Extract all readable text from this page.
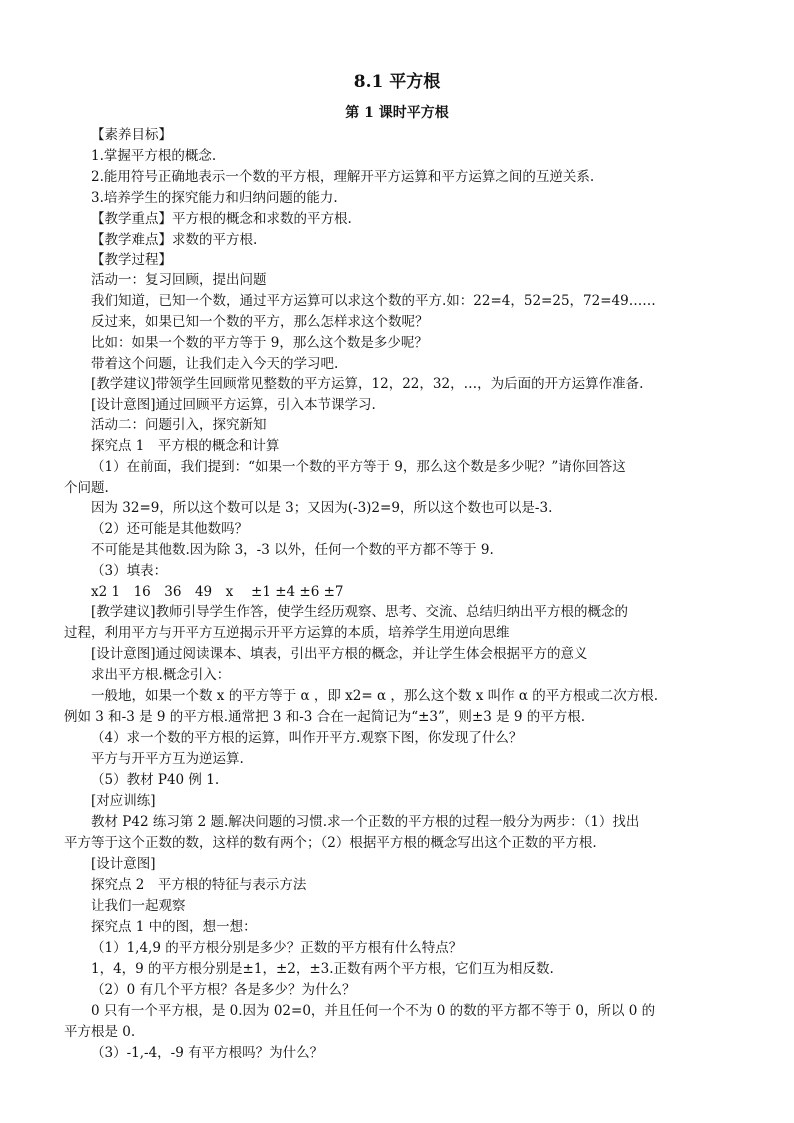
8.1 平方根
第 1 课时平方根
【素养目标】
1.掌握平方根的概念.
2.能用符号正确地表示一个数的平方根，理解开平方运算和平方运算之间的互逆关系.
3.培养学生的探究能力和归纳问题的能力.
【教学重点】平方根的概念和求数的平方根.
【教学难点】求数的平方根.
【教学过程】
活动一：复习回顾，提出问题
我们知道，已知一个数，通过平方运算可以求这个数的平方.如：22=4，52=25，72=49……
反过来，如果已知一个数的平方，那么怎样求这个数呢？
比如：如果一个数的平方等于 9，那么这个数是多少呢？
带着这个问题，让我们走入今天的学习吧.
[教学建议]带领学生回顾常见整数的平方运算，12，22，32，…，为后面的开方运算作准备.
[设计意图]通过回顾平方运算，引入本节课学习.
活动二：问题引入，探究新知
探究点 1　平方根的概念和计算
（1）在前面，我们提到：“如果一个数的平方等于 9，那么这个数是多少呢？”请你回答这
个问题.
因为 32=9，所以这个数可以是 3；又因为(-3)2=9，所以这个数也可以是-3.
（2）还可能是其他数吗？
不可能是其他数.因为除 3，-3 以外，任何一个数的平方都不等于 9.
（3）填表：
x2 1　16　36　49　x　 ±1 ±4 ±6 ±7
[教学建议]教师引导学生作答，使学生经历观察、思考、交流、总结归纳出平方根的概念的
过程，利用平方与开平方互逆揭示开平方运算的本质，培养学生用逆向思维
[设计意图]通过阅读课本、填表，引出平方根的概念，并让学生体会根据平方的意义
求出平方根.概念引入：
一般地，如果一个数 x 的平方等于 α ，即 x2= α ，那么这个数 x 叫作 α 的平方根或二次方根.
例如 3 和-3 是 9 的平方根.通常把 3 和-3 合在一起简记为“±3”，则±3 是 9 的平方根.
（4）求一个数的平方根的运算，叫作开平方.观察下图，你发现了什么？
平方与开平方互为逆运算.
（5）教材 P40 例 1.
[对应训练]
教材 P42 练习第 2 题.解决问题的习惯.求一个正数的平方根的过程一般分为两步：（1）找出
平方等于这个正数的数，这样的数有两个；（2）根据平方根的概念写出这个正数的平方根.
[设计意图]
探究点 2　平方根的特征与表示方法
让我们一起观察
探究点 1 中的图，想一想：
（1）1,4,9 的平方根分别是多少？正数的平方根有什么特点？
1，4，9 的平方根分别是±1，±2，±3.正数有两个平方根，它们互为相反数.
（2）0 有几个平方根？各是多少？为什么？
0 只有一个平方根，是 0.因为 02=0，并且任何一个不为 0 的数的平方都不等于 0，所以 0 的
平方根是 0.
（3）-1,-4，-9 有平方根吗？为什么？
